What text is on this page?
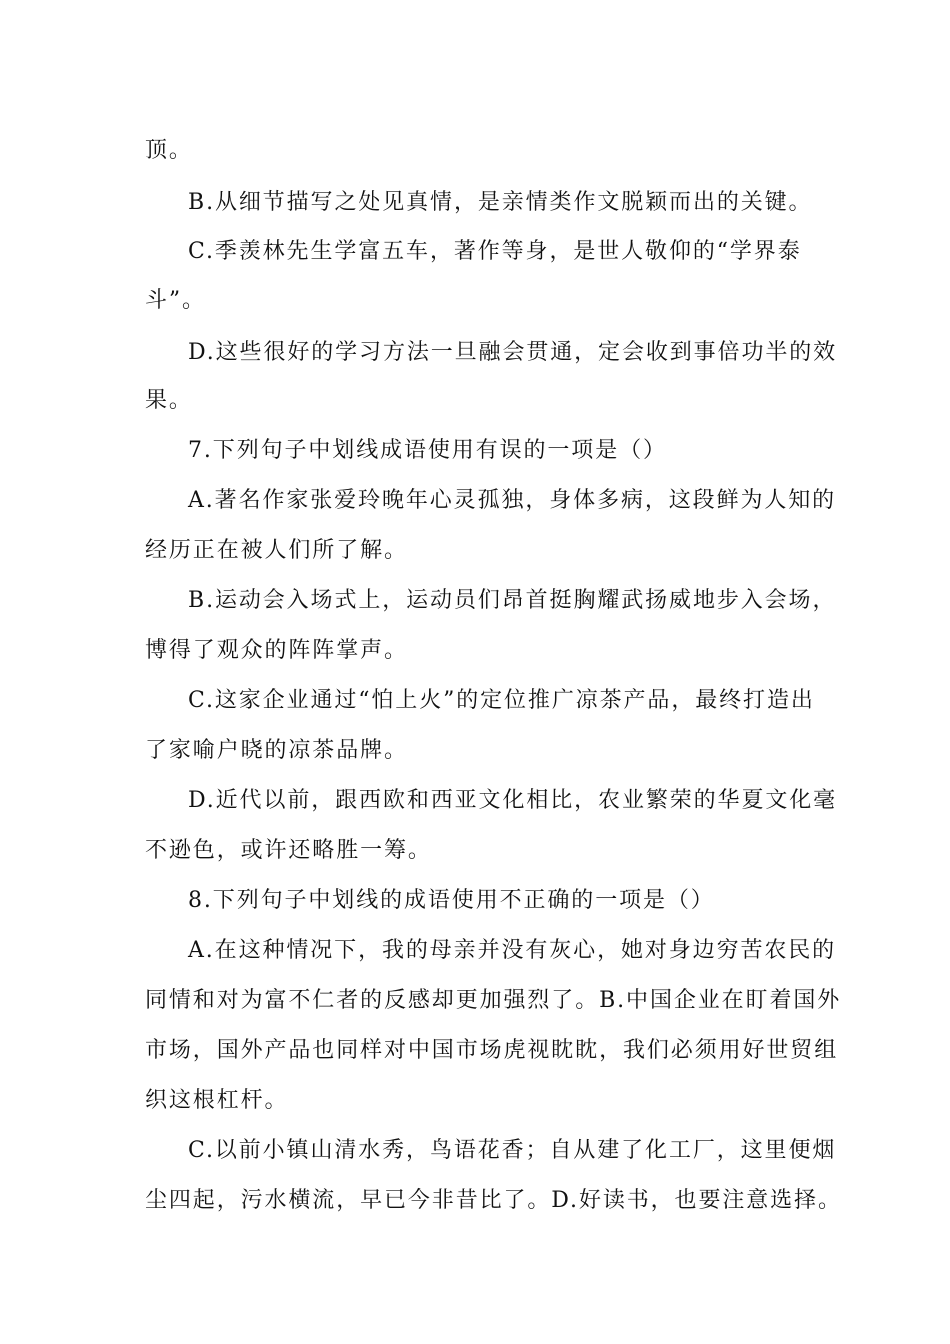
顶。
B.从细节描写之处见真情，是亲情类作文脱颖而出的关键。
C.季羡林先生学富五车，著作等身，是世人敬仰的“学界泰
斗”。
D.这些很好的学习方法一旦融会贯通，定会收到事倍功半的效
果。
7.下列句子中划线成语使用有误的一项是（）
A.著名作家张爱玲晚年心灵孤独，身体多病，这段鲜为人知的
经历正在被人们所了解。
B.运动会入场式上，运动员们昂首挺胸耀武扬威地步入会场，
博得了观众的阵阵掌声。
C.这家企业通过“怕上火”的定位推广凉茶产品，最终打造出
了家喻户晓的凉茶品牌。
D.近代以前，跟西欧和西亚文化相比，农业繁荣的华夏文化毫
不逊色，或许还略胜一筹。
8.下列句子中划线的成语使用不正确的一项是（）
A.在这种情况下，我的母亲并没有灰心，她对身边穷苦农民的
同情和对为富不仁者的反感却更加强烈了。B.中国企业在盯着国外
市场，国外产品也同样对中国市场虎视眈眈，我们必须用好世贸组
织这根杠杆。
C.以前小镇山清水秀，鸟语花香；自从建了化工厂，这里便烟
尘四起，污水横流，早已今非昔比了。D.好读书，也要注意选择。
